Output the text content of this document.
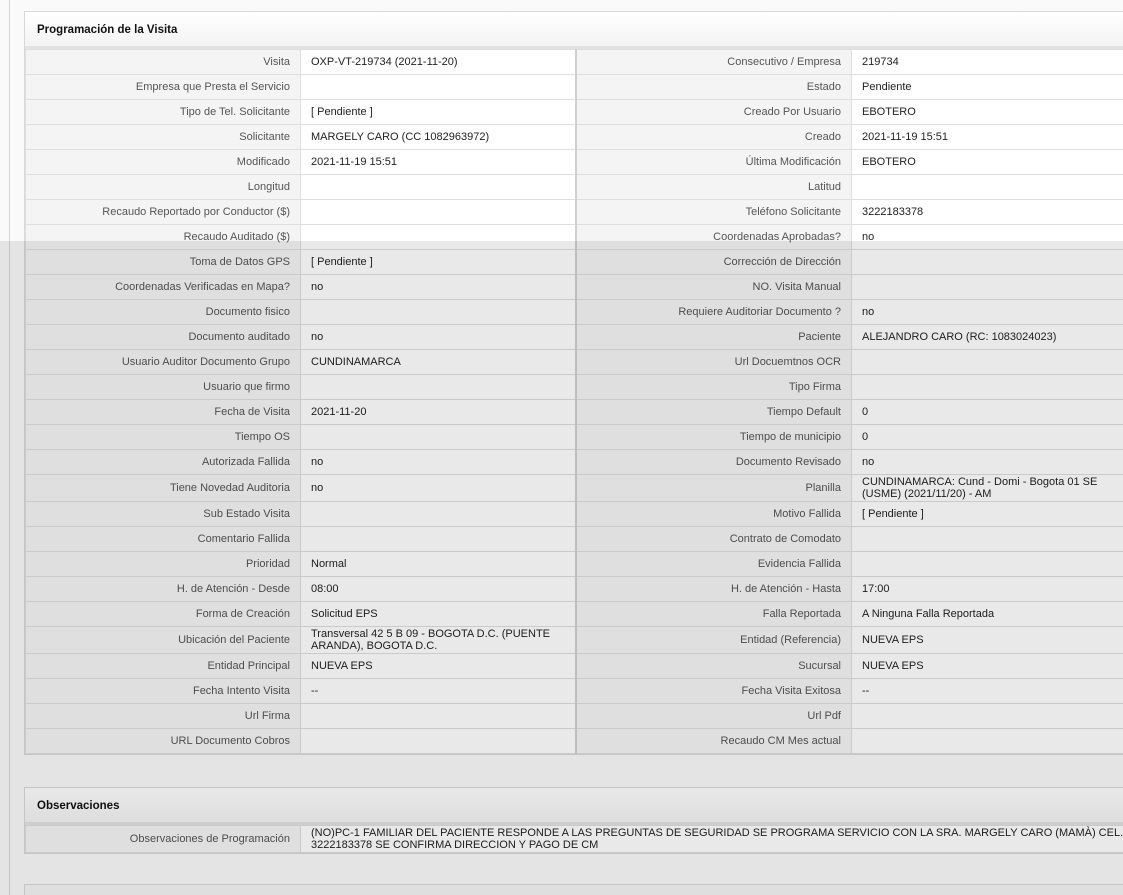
Programación de la Visita
Visita	OXP-VT-219734 (2021-11-20)	Consecutivo / Empresa	219734
Empresa que Presta el Servicio		Estado	Pendiente
Tipo de Tel. Solicitante	[ Pendiente ]	Creado Por Usuario	EBOTERO
Solicitante	MARGELY CARO (CC 1082963972)	Creado	2021-11-19 15:51
Modificado	2021-11-19 15:51	Última Modificación	EBOTERO
Longitud		Latitud	
Recaudo Reportado por Conductor ($)		Teléfono Solicitante	3222183378
Recaudo Auditado ($)		Coordenadas Aprobadas?	no
Toma de Datos GPS	[ Pendiente ]	Corrección de Dirección	
Coordenadas Verificadas en Mapa?	no	NO. Visita Manual	
Documento fisico		Requiere Auditoriar Documento ?	no
Documento auditado	no	Paciente	ALEJANDRO CARO (RC: 1083024023)
Usuario Auditor Documento Grupo	CUNDINAMARCA	Url Docuemtnos OCR	
Usuario que firmo		Tipo Firma	
Fecha de Visita	2021-11-20	Tiempo Default	0
Tiempo OS		Tiempo de municipio	0
Autorizada Fallida	no	Documento Revisado	no
Tiene Novedad Auditoria	no	Planilla	CUNDINAMARCA: Cund - Domi - Bogota 01 SE (USME) (2021/11/20) - AM
Sub Estado Visita		Motivo Fallida	[ Pendiente ]
Comentario Fallida		Contrato de Comodato	
Prioridad	Normal	Evidencia Fallida	
H. de Atención - Desde	08:00	H. de Atención - Hasta	17:00
Forma de Creación	Solicitud EPS	Falla Reportada	A Ninguna Falla Reportada
Ubicación del Paciente	Transversal 42 5 B 09 - BOGOTA D.C. (PUENTE ARANDA), BOGOTA D.C.	Entidad (Referencia)	NUEVA EPS
Entidad Principal	NUEVA EPS	Sucursal	NUEVA EPS
Fecha Intento Visita	--	Fecha Visita Exitosa	--
Url Firma		Url Pdf	
URL Documento Cobros		Recaudo CM Mes actual	
Observaciones
Observaciones de Programación	(NO)PC-1 FAMILIAR DEL PACIENTE RESPONDE A LAS PREGUNTAS DE SEGURIDAD SE PROGRAMA SERVICIO CON LA SRA. MARGELY CARO (MAMÀ) CEL. 3222183378 SE CONFIRMA DIRECCION Y PAGO DE CM
